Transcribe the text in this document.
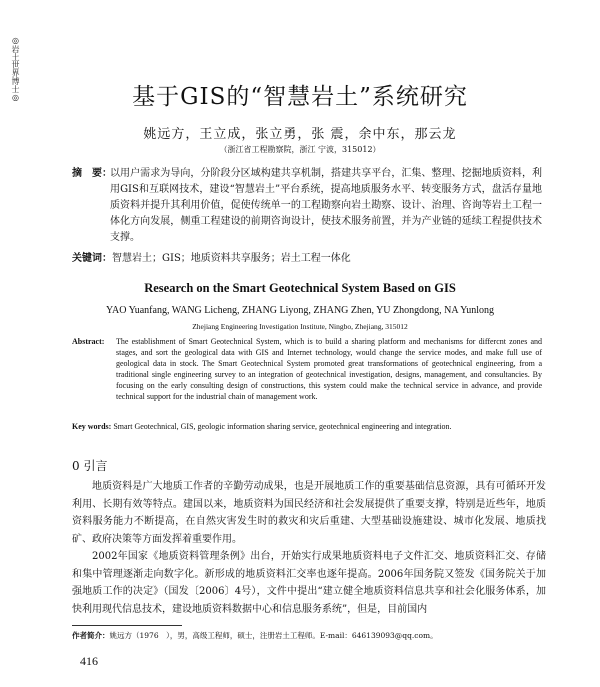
◎岩土世界博士◎	基于GIS的“智慧岩土”系统研究
姚远方，王立成，张立勇，张 震，余中东，那云龙
（浙江省工程勘察院，浙江 宁波，315012）
摘　要：
以用户需求为导向，分阶段分区域构建共享机制，搭建共享平台，汇集、整理、挖掘地质资料，利用GIS和互联网技术，建设“智慧岩土”平台系统，提高地质服务水平、转变服务方式，盘活存量地质资料并提升其利用价值，促使传统单一的工程勘察向岩土勘察、设计、治理、咨询等岩土工程一体化方向发展，侧重工程建设的前期咨询设计，使技术服务前置，并为产业链的延续工程提供技术支撑。
关键词：智慧岩土；GIS；地质资料共享服务；岩土工程一体化
Research on the Smart Geotechnical System Based on GIS
YAO Yuanfang, WANG Licheng, ZHANG Liyong, ZHANG Zhen, YU Zhongdong, NA Yunlong
Zhejiang Engineering Investigation Institute, Ningbo, Zhejiang, 315012
Abstract: The establishment of Smart Geotechnical System, which is to build a sharing platform and mechanisms for differcnt zones and stages, and sort the geological data with GIS and Internet technology, would change the service modes, and make full use of geological data in stock. The Smart Geotechnical System promoted great transformations of geotechnical engineering, from a traditional single engineering survey to an integration of geotechnical investigation, designs, management, and consultancies. By focusing on the early consulting design of constructions, this system could make the technical service in advance, and provide technical support for the industrial chain of management work.
Key words: Smart Geotechnical, GIS, geologic information sharing service, geotechnical engineering and integration.
0 引言

地质资料是广大地质工作者的辛勤劳动成果，也是开展地质工作的重要基础信息资源，具有可循环开发利用、长期有效等特点。建国以来，地质资料为国民经济和社会发展提供了重要支撑，特别是近些年，地质资料服务能力不断提高，在自然灾害发生时的救灾和灾后重建、大型基础设施建设、城市化发展、地质找矿、政府决策等方面发挥着重要作用。

2002年国家《地质资料管理条例》出台，开始实行成果地质资料电子文件汇交、地质资料汇交、存储和集中管理逐渐走向数字化。新形成的地质资料汇交率也逐年提高。2006年国务院又签发《国务院关于加强地质工作的决定》（国发〔2006〕4号），文件中提出“建立健全地质资料信息共享和社会化服务体系，加快利用现代信息技术，建设地质资料数据中心和信息服务系统”，但是，目前国内

作者简介：姚远方（1976　），男，高级工程师，硕士，注册岩土工程师。E-mail：646139093@qq.com。
416
